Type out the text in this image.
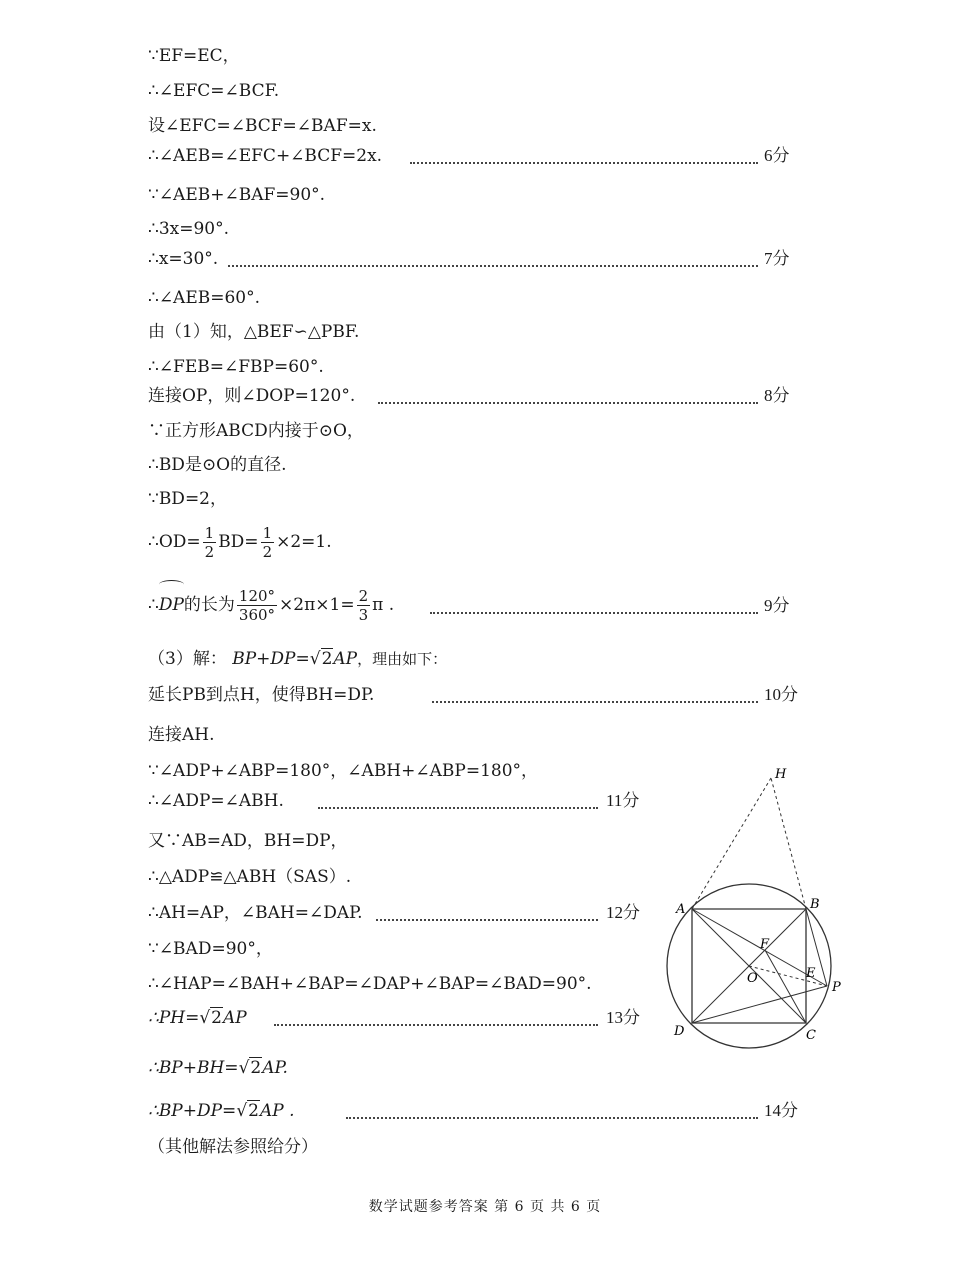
∵EF=EC，
∴∠EFC=∠BCF.
设∠EFC=∠BCF=∠BAF=x.
∴∠AEB=∠EFC+∠BCF=2x.	6分
∵∠AEB+∠BAF=90°.
∴3x=90°.
∴x=30°.	7分
∴∠AEB=60°.
由（1）知，△BEF∽△PBF.
∴∠FEB=∠FBP=60°.
连接OP，则∠DOP=120°.	8分
∵正方形ABCD内接于⊙O，
∴BD是⊙O的直径.
∵BD=2，
∴OD= $\frac{1}{2} BD= \frac{1}{2} \times 2=1$.
∴DP的长为 $\frac{120^\circ}{360^\circ} \times 2\pi\times 1= \frac{2}{3}$ π .	9分
（3）解： BP+DP=√2AP，理由如下：
延长PB到点H，使得BH=DP.	10分
连接AH.
∵∠ADP+∠ABP=180°，∠ABH+∠ABP=180°，
∴∠ADP=∠ABH.	11分
又∵AB=AD，BH=DP，
∴△ADP≌△ABH（SAS）.
∴AH=AP，∠BAH=∠DAP.	12分
∵∠BAD=90°，
∴∠HAP=∠BAH+∠BAP=∠DAP+∠BAP=∠BAD=90°.
∴PH=√2AP	13分
∴BP+BH=√2AP.
∴BP+DP=√2AP .	14分
（其他解法参照给分）
H
A	B
F
O	E
P
D	C
数学试题参考答案 第 6 页 共 6 页
